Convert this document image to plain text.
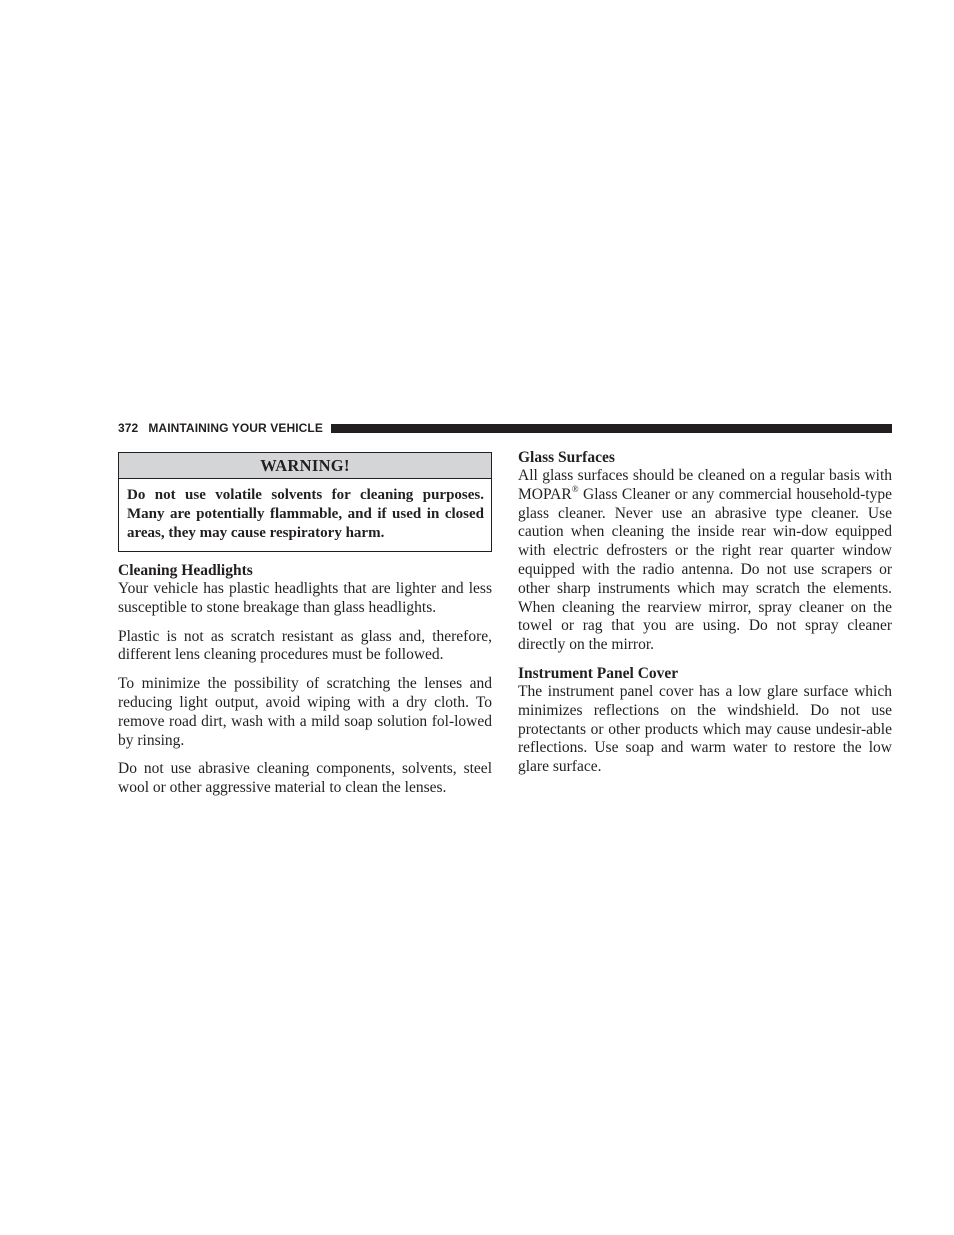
372 MAINTAINING YOUR VEHICLE
WARNING!
Do not use volatile solvents for cleaning purposes. Many are potentially flammable, and if used in closed areas, they may cause respiratory harm.
Cleaning Headlights

Your vehicle has plastic headlights that are lighter and less susceptible to stone breakage than glass headlights.

Plastic is not as scratch resistant as glass and, therefore, different lens cleaning procedures must be followed.

To minimize the possibility of scratching the lenses and reducing light output, avoid wiping with a dry cloth. To remove road dirt, wash with a mild soap solution fol-lowed by rinsing.

Do not use abrasive cleaning components, solvents, steel wool or other aggressive material to clean the lenses.

Glass Surfaces

All glass surfaces should be cleaned on a regular basis with MOPAR® Glass Cleaner or any commercial household-type glass cleaner. Never use an abrasive type cleaner. Use caution when cleaning the inside rear win-dow equipped with electric defrosters or the right rear quarter window equipped with the radio antenna. Do not use scrapers or other sharp instruments which may scratch the elements. When cleaning the rearview mirror, spray cleaner on the towel or rag that you are using. Do not spray cleaner directly on the mirror.

Instrument Panel Cover

The instrument panel cover has a low glare surface which minimizes reflections on the windshield. Do not use protectants or other products which may cause undesir-able reflections. Use soap and warm water to restore the low glare surface.
